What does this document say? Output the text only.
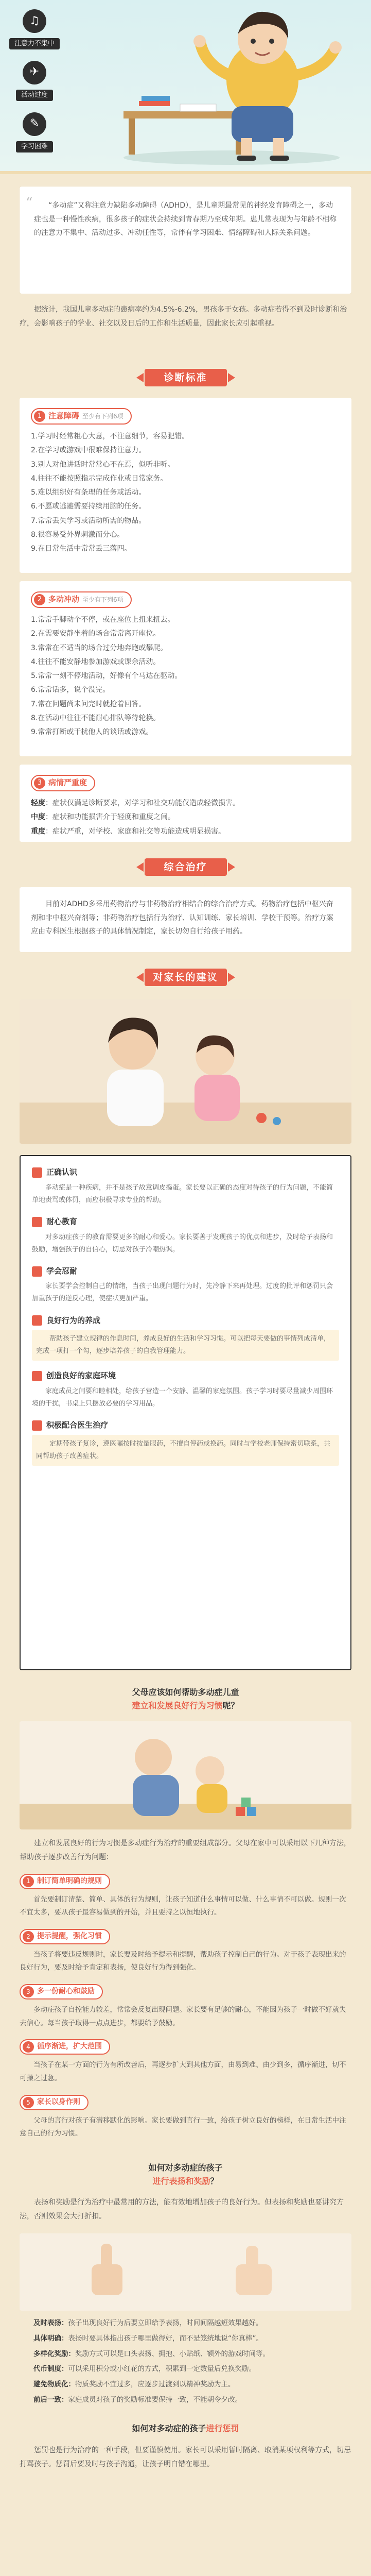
♫
注意力不集中
✈
活动过度
✎
学习困难
“	“多动症”又称注意力缺陷多动障碍（ADHD），是儿童期最常见的神经发育障碍之一，多动症也是一种慢性疾病，很多孩子的症状会持续到青春期乃至成年期。患儿常表现为与年龄不相称的注意力不集中、活动过多、冲动任性等，常伴有学习困难、情绪障碍和人际关系问题。

据统计，我国儿童多动症的患病率约为4.5%-6.2%，男孩多于女孩。多动症若得不到及时诊断和治疗，会影响孩子的学业、社交以及日后的工作和生活质量，因此家长应引起重视。

诊断标准
1 注意障碍 至少有下列6项
1.学习时经常粗心大意，不注意细节，容易犯错。
2.在学习或游戏中很难保持注意力。
3.别人对他讲话时常常心不在焉，似听非听。
4.往往不能按照指示完成作业或日常家务。
5.难以组织好有条理的任务或活动。
6.不愿或逃避需要持续用脑的任务。
7.常常丢失学习或活动所需的物品。
8.很容易受外界刺激而分心。
9.在日常生活中常常丢三落四。
2 多动冲动 至少有下列6项
1.常常手脚动个不停，或在座位上扭来扭去。
2.在需要安静坐着的场合常常离开座位。
3.常常在不适当的场合过分地奔跑或攀爬。
4.往往不能安静地参加游戏或课余活动。
5.常常一刻不停地活动，好像有个马达在驱动。
6.常常话多，说个没完。
7.常在问题尚未问完时就抢着回答。
8.在活动中往往不能耐心排队等待轮换。
9.常常打断或干扰他人的谈话或游戏。
3 病情严重度
轻度：症状仅满足诊断要求，对学习和社交功能仅造成轻微损害。
中度：症状和功能损害介于轻度和重度之间。
重度：症状严重，对学校、家庭和社交等功能造成明显损害。
综合治疗

目前对ADHD多采用药物治疗与非药物治疗相结合的综合治疗方式。药物治疗包括中枢兴奋剂和非中枢兴奋剂等；非药物治疗包括行为治疗、认知训练、家长培训、学校干预等。治疗方案应由专科医生根据孩子的具体情况制定，家长切勿自行给孩子用药。

对家长的建议
正确认识
多动症是一种疾病，并不是孩子故意调皮捣蛋。家长要以正确的态度对待孩子的行为问题，不能简单地责骂或体罚，而应积极寻求专业的帮助。
耐心教育
对多动症孩子的教育需要更多的耐心和爱心。家长要善于发现孩子的优点和进步，及时给予表扬和鼓励，增强孩子的自信心，切忌对孩子冷嘲热讽。
学会忍耐
家长要学会控制自己的情绪，当孩子出现问题行为时，先冷静下来再处理。过度的批评和惩罚只会加重孩子的逆反心理，使症状更加严重。
良好行为的养成
帮助孩子建立规律的作息时间，养成良好的生活和学习习惯。可以把每天要做的事情列成清单，完成一项打一个勾，逐步培养孩子的自我管理能力。
创造良好的家庭环境
家庭成员之间要和睦相处，给孩子营造一个安静、温馨的家庭氛围。孩子学习时要尽量减少周围环境的干扰，书桌上只摆放必要的学习用品。
积极配合医生治疗
定期带孩子复诊，遵医嘱按时按量服药，不擅自停药或换药。同时与学校老师保持密切联系，共同帮助孩子改善症状。
父母应该如何帮助多动症儿童
建立和发展良好行为习惯呢？

建立和发展良好的行为习惯是多动症行为治疗的重要组成部分。父母在家中可以采用以下几种方法，帮助孩子逐步改善行为问题：

1 制订简单明确的规则

首先要制订清楚、简单、具体的行为规则，让孩子知道什么事情可以做、什么事情不可以做。规则一次不宜太多，要从孩子最容易做到的开始，并且要持之以恒地执行。

2 提示提醒，强化习惯

当孩子将要违反规则时，家长要及时给予提示和提醒，帮助孩子控制自己的行为。对于孩子表现出来的良好行为，要及时给予肯定和表扬，使良好行为得到强化。

3 多一份耐心和鼓励

多动症孩子自控能力较差，常常会反复出现问题。家长要有足够的耐心，不能因为孩子一时做不好就失去信心。每当孩子取得一点点进步，都要给予鼓励。

4 循序渐进，扩大范围

当孩子在某一方面的行为有所改善后，再逐步扩大到其他方面，由易到难、由少到多，循序渐进，切不可操之过急。

5 家长以身作则

父母的言行对孩子有潜移默化的影响。家长要做到言行一致，给孩子树立良好的榜样，在日常生活中注意自己的行为习惯。

如何对多动症的孩子
进行表扬和奖励？

表扬和奖励是行为治疗中最常用的方法，能有效地增加孩子的良好行为。但表扬和奖励也要讲究方法，否则效果会大打折扣。

及时表扬：孩子出现良好行为后要立即给予表扬，时间间隔越短效果越好。
具体明确：表扬时要具体指出孩子哪里做得好，而不是笼统地说“你真棒”。
多样化奖励：奖励方式可以是口头表扬、拥抱、小贴纸、额外的游戏时间等。
代币制度：可以采用积分或小红花的方式，积累到一定数量后兑换奖励。
避免物质化：物质奖励不宜过多，应逐步过渡到以精神奖励为主。
前后一致：家庭成员对孩子的奖励标准要保持一致，不能朝令夕改。
如何对多动症的孩子进行惩罚

惩罚也是行为治疗的一种手段，但要谨慎使用。家长可以采用暂时隔离、取消某项权利等方式，切忌打骂孩子。惩罚后要及时与孩子沟通，让孩子明白错在哪里。
